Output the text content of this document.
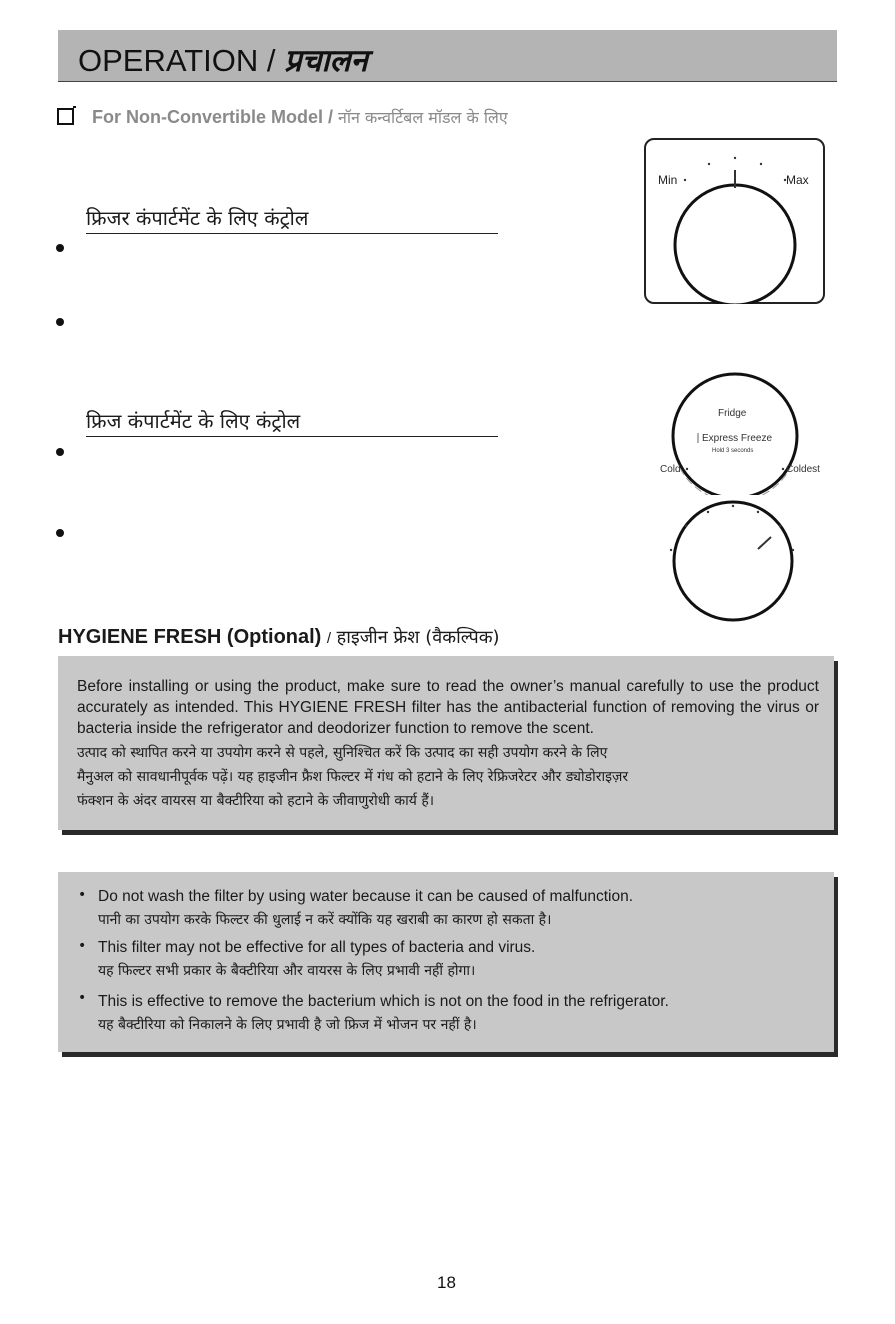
OPERATION / प्रचालन
For Non-Convertible Model / नॉन कन्वर्टिबल मॉडल के लिए
फ्रिजर कंपार्टमेंट के लिए कंट्रोल
फ्रिज कंपार्टमेंट के लिए कंट्रोल
Min	Max
Fridge
Express Freeze
Hold 3 seconds
Cold	Coldest
HYGIENE FRESH (Optional) / हाइजीन फ्रेश (वैकल्पिक)
Before installing or using the product, make sure to read the owner’s manual carefully to use the product accurately as intended. This HYGIENE FRESH filter has the antibacterial function of removing the virus or bacteria inside the refrigerator and deodorizer function to remove the scent.
उत्पाद को स्थापित करने या उपयोग करने से पहले, सुनिश्चित करें कि उत्पाद का सही उपयोग करने के लिए
मैनुअल को सावधानीपूर्वक पढ़ें। यह हाइजीन फ्रैश फिल्टर में गंध को हटाने के लिए रेफ्रिजरेटर और ड्योडोराइज़र
फंक्शन के अंदर वायरस या बैक्टीरिया को हटाने के जीवाणुरोधी कार्य हैं।
• Do not wash the filter by using water because it can be caused of malfunction.
पानी का उपयोग करके फिल्टर की धुलाई न करें क्योंकि यह खराबी का कारण हो सकता है।
• This filter may not be effective for all types of bacteria and virus.
यह फिल्टर सभी प्रकार के बैक्टीरिया और वायरस के लिए प्रभावी नहीं होगा।
• This is effective to remove the bacterium which is not on the food in the refrigerator.
यह बैक्टीरिया को निकालने के लिए प्रभावी है जो फ्रिज में भोजन पर नहीं है।
18
